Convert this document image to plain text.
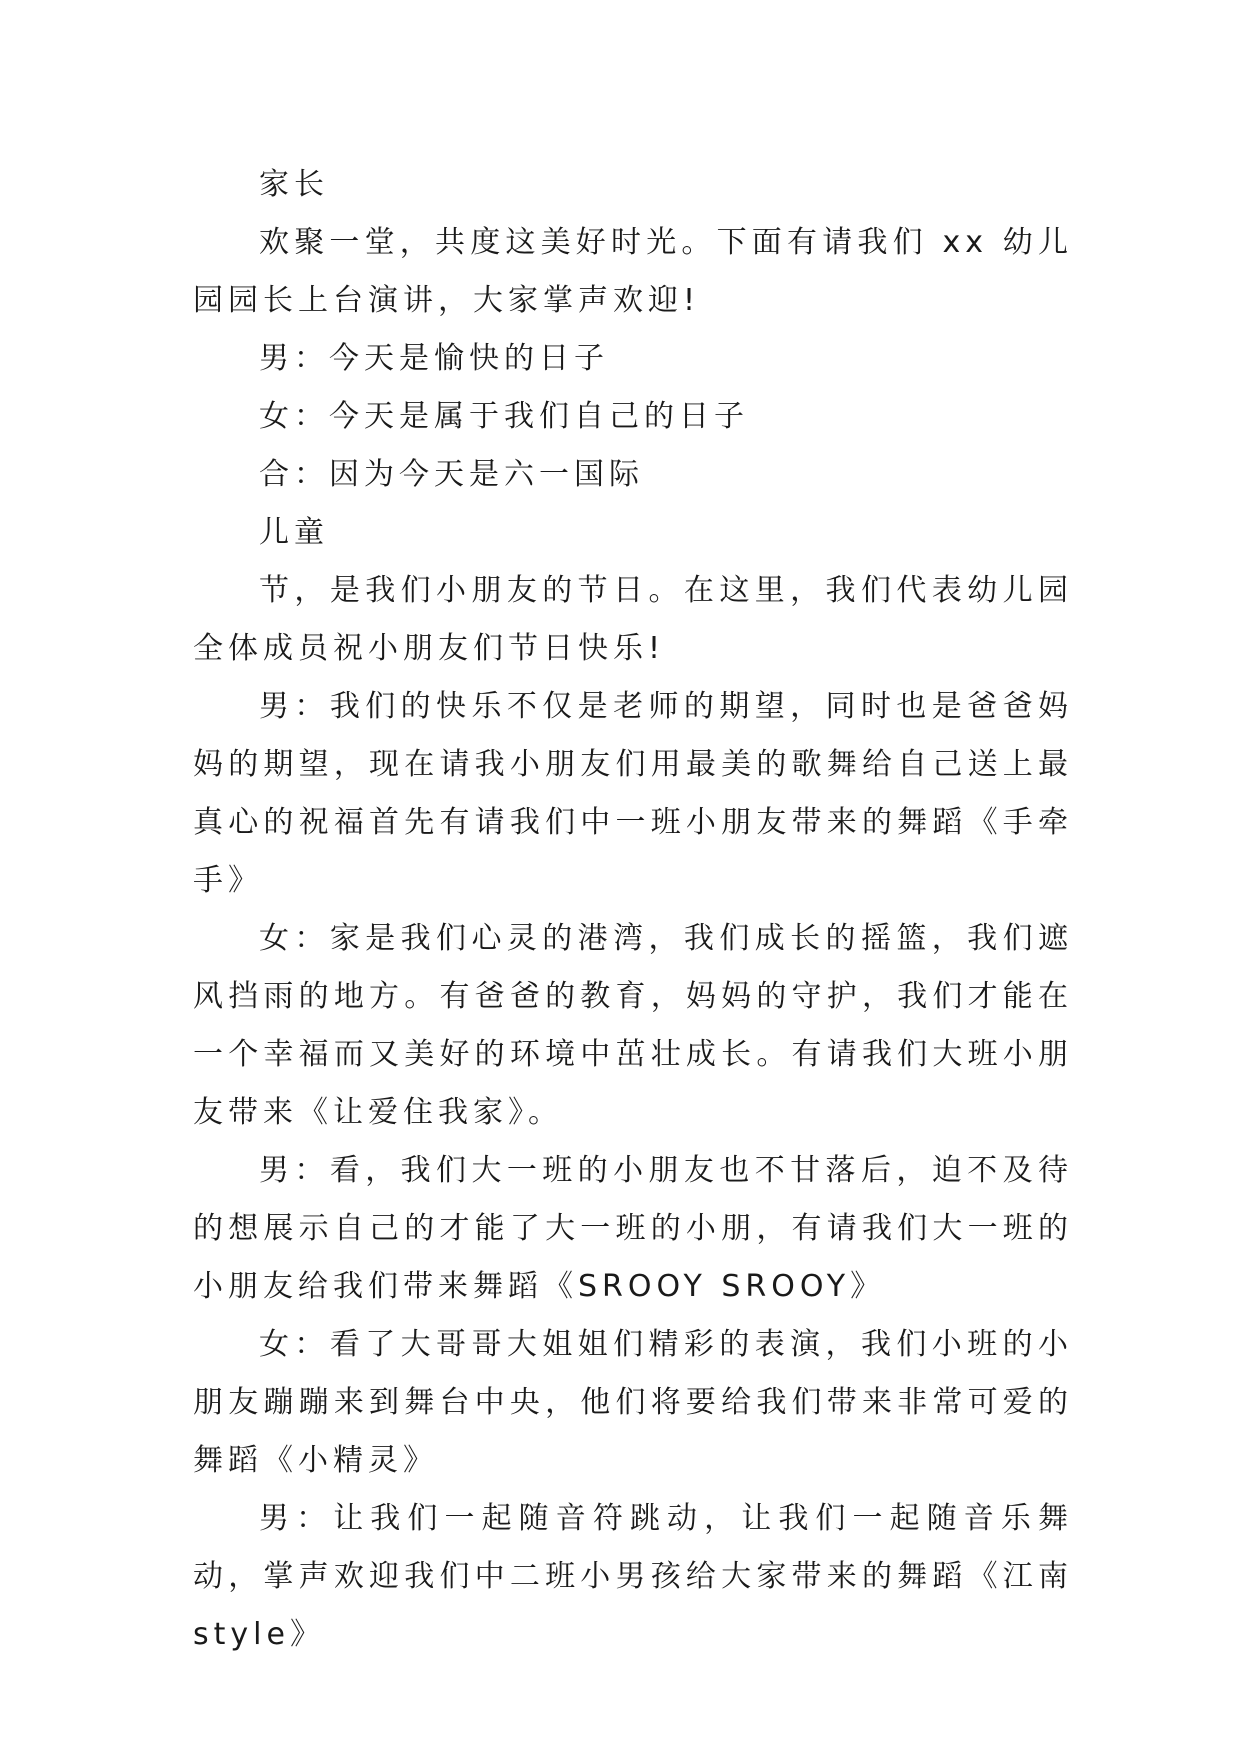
家长

欢聚一堂，共度这美好时光。下面有请我们 xx 幼儿园园长上台演讲，大家掌声欢迎!

男：今天是愉快的日子

女：今天是属于我们自己的日子

合：因为今天是六一国际

儿童

节，是我们小朋友的节日。在这里，我们代表幼儿园全体成员祝小朋友们节日快乐!

男：我们的快乐不仅是老师的期望，同时也是爸爸妈妈的期望，现在请我小朋友们用最美的歌舞给自己送上最真心的祝福首先有请我们中一班小朋友带来的舞蹈《手牵手》

女：家是我们心灵的港湾，我们成长的摇篮，我们遮风挡雨的地方。有爸爸的教育，妈妈的守护，我们才能在一个幸福而又美好的环境中茁壮成长。有请我们大班小朋友带来《让爱住我家》。

男：看，我们大一班的小朋友也不甘落后，迫不及待的想展示自己的才能了大一班的小朋，有请我们大一班的小朋友给我们带来舞蹈《SROOY SROOY》

女：看了大哥哥大姐姐们精彩的表演，我们小班的小朋友蹦蹦来到舞台中央，他们将要给我们带来非常可爱的舞蹈《小精灵》

男：让我们一起随音符跳动，让我们一起随音乐舞动，掌声欢迎我们中二班小男孩给大家带来的舞蹈《江南 style》
